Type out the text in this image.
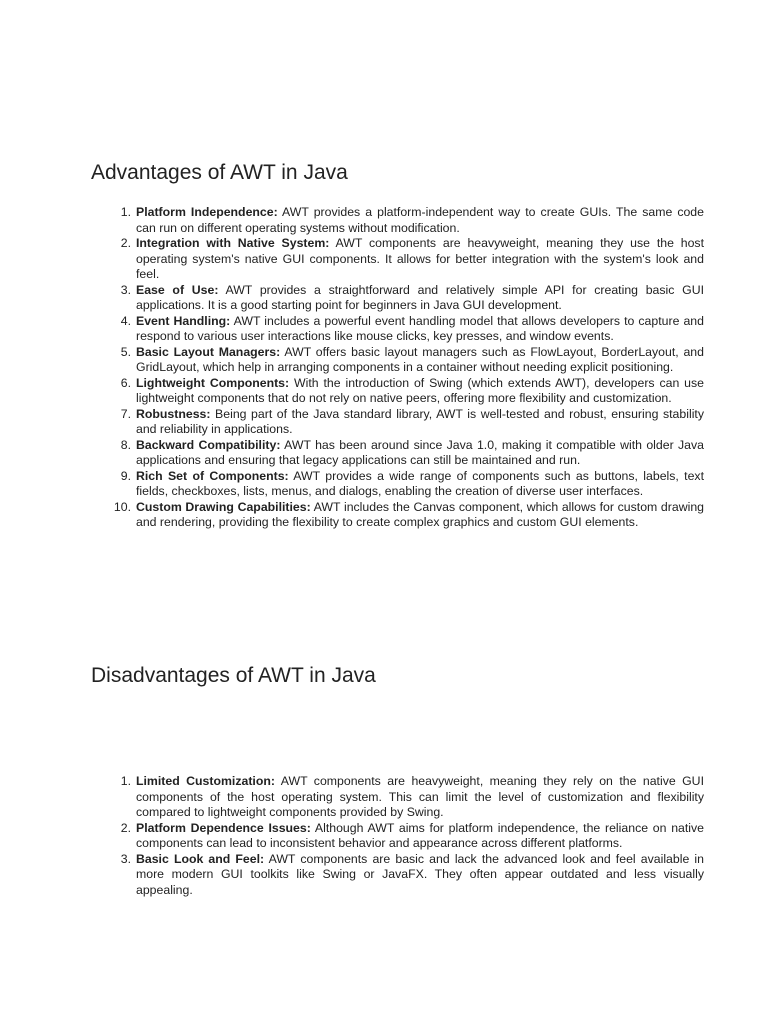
Advantages of AWT in Java
Platform Independence: AWT provides a platform-independent way to create GUIs. The same code can run on different operating systems without modification.
Integration with Native System: AWT components are heavyweight, meaning they use the host operating system's native GUI components. It allows for better integration with the system's look and feel.
Ease of Use: AWT provides a straightforward and relatively simple API for creating basic GUI applications. It is a good starting point for beginners in Java GUI development.
Event Handling: AWT includes a powerful event handling model that allows developers to capture and respond to various user interactions like mouse clicks, key presses, and window events.
Basic Layout Managers: AWT offers basic layout managers such as FlowLayout, BorderLayout, and GridLayout, which help in arranging components in a container without needing explicit positioning.
Lightweight Components: With the introduction of Swing (which extends AWT), developers can use lightweight components that do not rely on native peers, offering more flexibility and customization.
Robustness: Being part of the Java standard library, AWT is well-tested and robust, ensuring stability and reliability in applications.
Backward Compatibility: AWT has been around since Java 1.0, making it compatible with older Java applications and ensuring that legacy applications can still be maintained and run.
Rich Set of Components: AWT provides a wide range of components such as buttons, labels, text fields, checkboxes, lists, menus, and dialogs, enabling the creation of diverse user interfaces.
Custom Drawing Capabilities: AWT includes the Canvas component, which allows for custom drawing and rendering, providing the flexibility to create complex graphics and custom GUI elements.
Disadvantages of AWT in Java
Limited Customization: AWT components are heavyweight, meaning they rely on the native GUI components of the host operating system. This can limit the level of customization and flexibility compared to lightweight components provided by Swing.
Platform Dependence Issues: Although AWT aims for platform independence, the reliance on native components can lead to inconsistent behavior and appearance across different platforms.
Basic Look and Feel: AWT components are basic and lack the advanced look and feel available in more modern GUI toolkits like Swing or JavaFX. They often appear outdated and less visually appealing.
